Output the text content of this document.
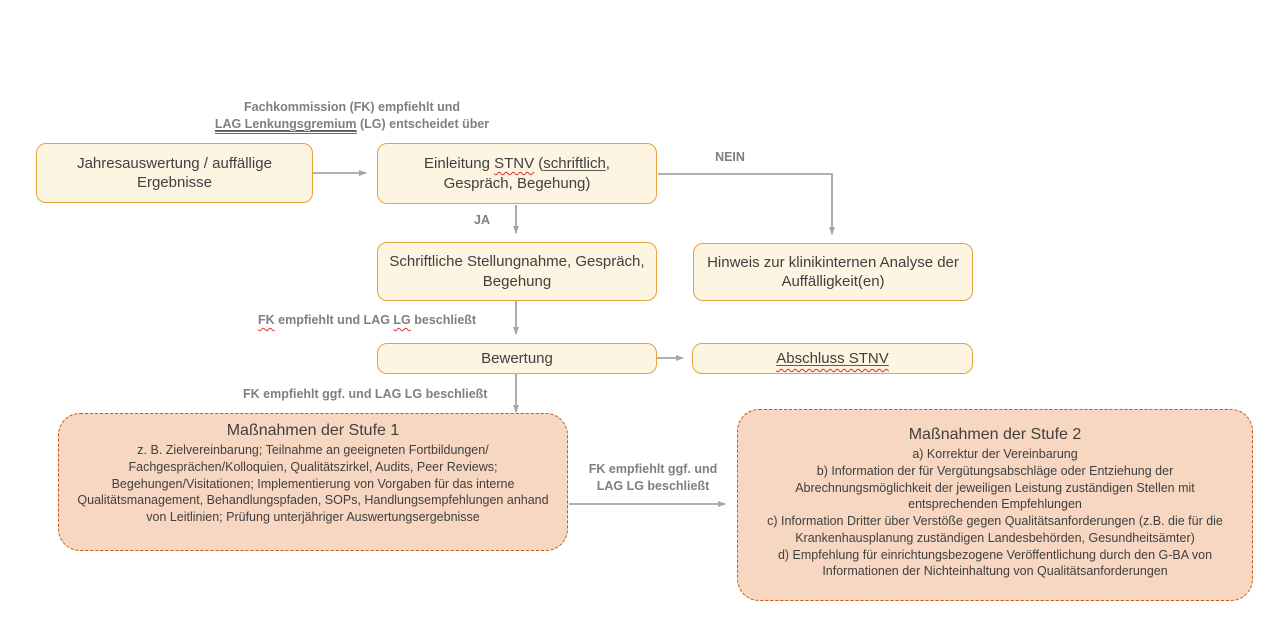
Fachkommission (FK) empfiehlt und
LAG Lenkungsgremium (LG) entscheidet über
Jahresauswertung / auffällige Ergebnisse
Einleitung STNV (schriftlich, Gespräch, Begehung)
Schriftliche Stellungnahme, Gespräch, Begehung
Hinweis zur klinikinternen Analyse der Auffälligkeit(en)
Bewertung	Abschluss STNV
Maßnahmen der Stufe 1
z. B. Zielvereinbarung; Teilnahme an geeigneten Fortbildungen/ Fachgesprächen/Kolloquien, Qualitätszirkel, Audits, Peer Reviews; Begehungen/Visitationen; Implementierung von Vorgaben für das interne Qualitätsmanagement, Behandlungspfaden, SOPs, Handlungsempfehlungen anhand von Leitlinien; Prüfung unterjähriger Auswertungsergebnisse
Maßnahmen der Stufe 2

a) Korrektur der Vereinbarung

b) Information der für Vergütungsabschläge oder Entziehung der Abrechnungsmöglichkeit der jeweiligen Leistung zuständigen Stellen mit entsprechenden Empfehlungen

c) Information Dritter über Verstöße gegen Qualitätsanforderungen (z.B. die für die Krankenhausplanung zuständigen Landesbehörden, Gesundheitsämter)

d) Empfehlung für einrichtungsbezogene Veröffentlichung durch den G-BA von Informationen der Nichteinhaltung von Qualitätsanforderungen

NEIN
JA
FK empfiehlt und LAG LG beschließt
FK empfiehlt ggf. und LAG LG beschließt
FK empfiehlt ggf. und
LAG LG beschließt
